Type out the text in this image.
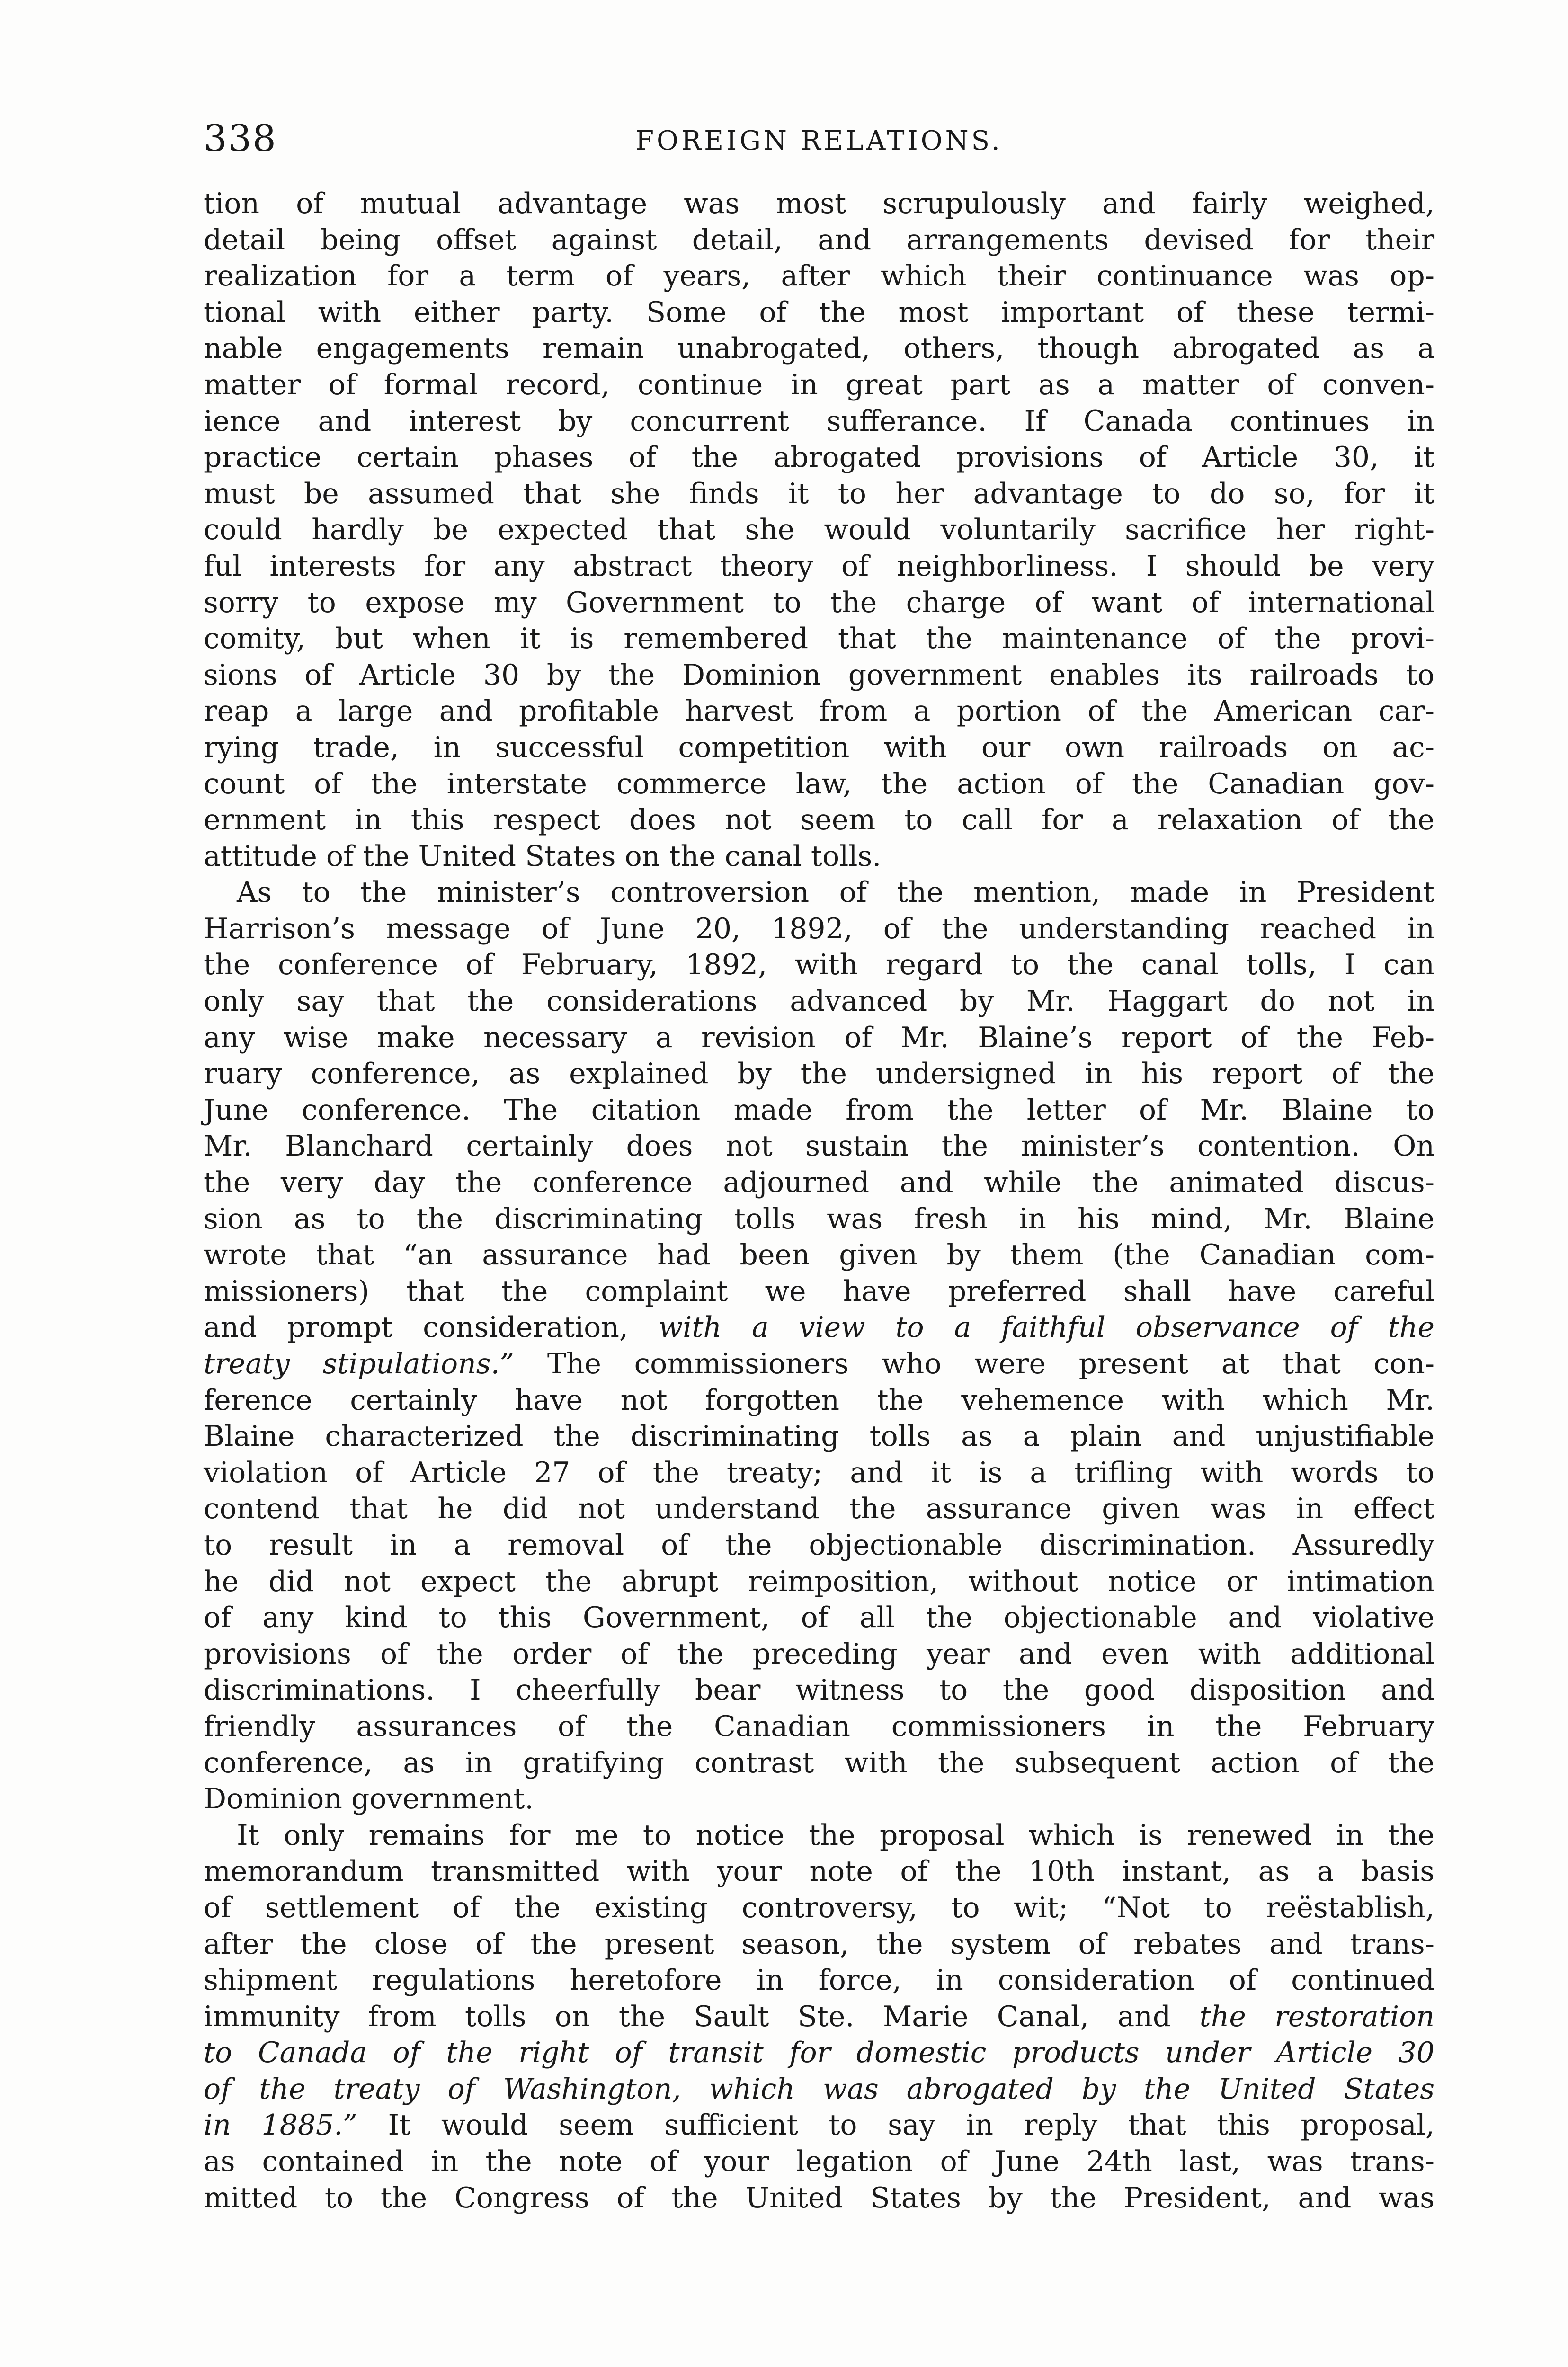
338	FOREIGN RELATIONS.
tion of mutual advantage was most scrupulously and fairly weighed,
detail being offset against detail, and arrangements devised for their
realization for a term of years, after which their continuance was op-
tional with either party. Some of the most important of these termi-
nable engagements remain unabrogated, others, though abrogated as a
matter of formal record, continue in great part as a matter of conven-
ience and interest by concurrent sufferance. If Canada continues in
practice certain phases of the abrogated provisions of Article 30, it
must be assumed that she finds it to her advantage to do so, for it
could hardly be expected that she would voluntarily sacrifice her right-
ful interests for any abstract theory of neighborliness. I should be very
sorry to expose my Government to the charge of want of international
comity, but when it is remembered that the maintenance of the provi-
sions of Article 30 by the Dominion government enables its railroads to
reap a large and profitable harvest from a portion of the American car-
rying trade, in successful competition with our own railroads on ac-
count of the interstate commerce law, the action of the Canadian gov-
ernment in this respect does not seem to call for a relaxation of the
attitude of the United States on the canal tolls.
As to the minister’s controversion of the mention, made in President
Harrison’s message of June 20, 1892, of the understanding reached in
the conference of February, 1892, with regard to the canal tolls, I can
only say that the considerations advanced by Mr. Haggart do not in
any wise make necessary a revision of Mr. Blaine’s report of the Feb-
ruary conference, as explained by the undersigned in his report of the
June conference. The citation made from the letter of Mr. Blaine to
Mr. Blanchard certainly does not sustain the minister’s contention. On
the very day the conference adjourned and while the animated discus-
sion as to the discriminating tolls was fresh in his mind, Mr. Blaine
wrote that “an assurance had been given by them (the Canadian com-
missioners) that the complaint we have preferred shall have careful
and prompt consideration, with a view to a faithful observance of the
treaty stipulations.” The commissioners who were present at that con-
ference certainly have not forgotten the vehemence with which Mr.
Blaine characterized the discriminating tolls as a plain and unjustifiable
violation of Article 27 of the treaty; and it is a trifling with words to
contend that he did not understand the assurance given was in effect
to result in a removal of the objectionable discrimination. Assuredly
he did not expect the abrupt reimposition, without notice or intimation
of any kind to this Government, of all the objectionable and violative
provisions of the order of the preceding year and even with additional
discriminations. I cheerfully bear witness to the good disposition and
friendly assurances of the Canadian commissioners in the February
conference, as in gratifying contrast with the subsequent action of the
Dominion government.
It only remains for me to notice the proposal which is renewed in the
memorandum transmitted with your note of the 10th instant, as a basis
of settlement of the existing controversy, to wit; “Not to reëstablish,
after the close of the present season, the system of rebates and trans-
shipment regulations heretofore in force, in consideration of continued
immunity from tolls on the Sault Ste. Marie Canal, and the restoration
to Canada of the right of transit for domestic products under Article 30
of the treaty of Washington, which was abrogated by the United States
in 1885.” It would seem sufficient to say in reply that this proposal,
as contained in the note of your legation of June 24th last, was trans-
mitted to the Congress of the United States by the President, and was
